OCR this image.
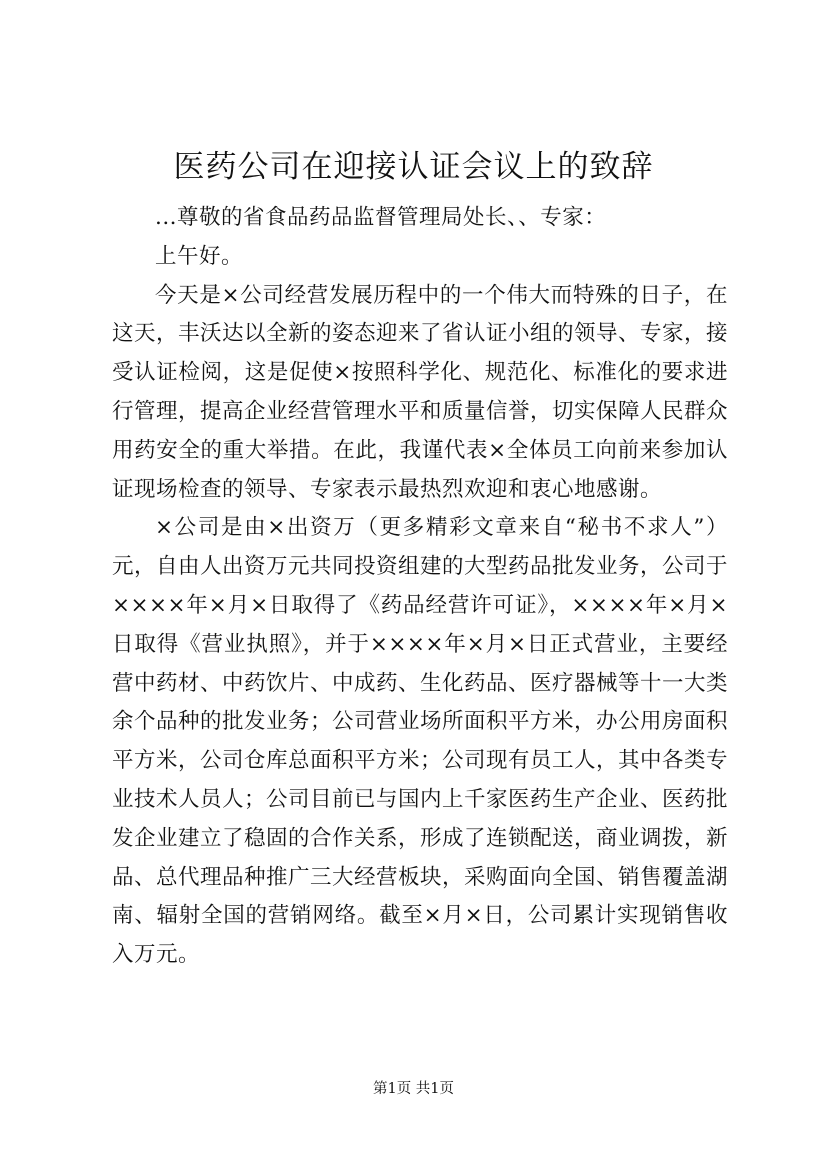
医药公司在迎接认证会议上的致辞

...尊敬的省食品药品监督管理局处长、、专家：

上午好。

今天是×公司经营发展历程中的一个伟大而特殊的日子，在这天，丰沃达以全新的姿态迎来了省认证小组的领导、专家，接受认证检阅，这是促使×按照科学化、规范化、标准化的要求进行管理，提高企业经营管理水平和质量信誉，切实保障人民群众用药安全的重大举措。在此，我谨代表×全体员工向前来参加认证现场检查的领导、专家表示最热烈欢迎和衷心地感谢。

×公司是由×出资万（更多精彩文章来自“秘书不求人”）元，自由人出资万元共同投资组建的大型药品批发业务，公司于××××年×月×日取得了《药品经营许可证》，××××年×月×日取得《营业执照》，并于××××年×月×日正式营业，主要经营中药材、中药饮片、中成药、生化药品、医疗器械等十一大类余个品种的批发业务；公司营业场所面积平方米，办公用房面积平方米，公司仓库总面积平方米；公司现有员工人，其中各类专业技术人员人；公司目前已与国内上千家医药生产企业、医药批发企业建立了稳固的合作关系，形成了连锁配送，商业调拨，新品、总代理品种推广三大经营板块，采购面向全国、销售覆盖湖南、辐射全国的营销网络。截至×月×日，公司累计实现销售收入万元。

第1页 共1页
